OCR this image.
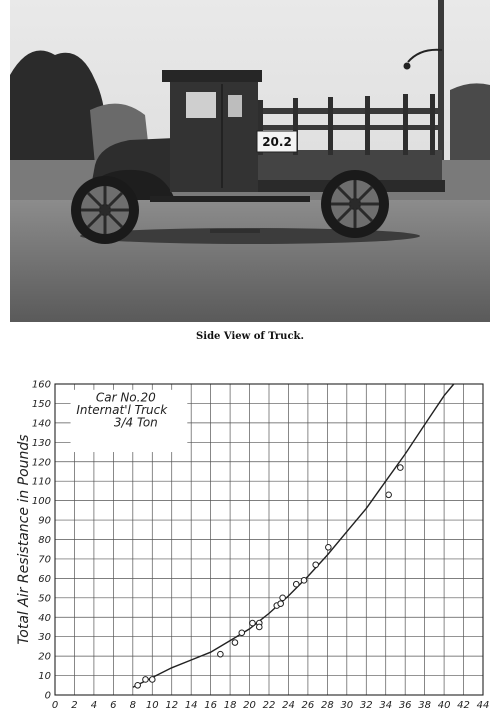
20.2
Side View of Truck.
0
10
20
30
40
50
60
70
80
90
100
110
120
130
140
150
160
0 2 4 6 8 10 12 14 16 18 20 22 24 26 28 30 32 34 36 38 40 42 44
Total Air Resistance in Pounds
Car No.20
Internat'l Truck
3/4 Ton
